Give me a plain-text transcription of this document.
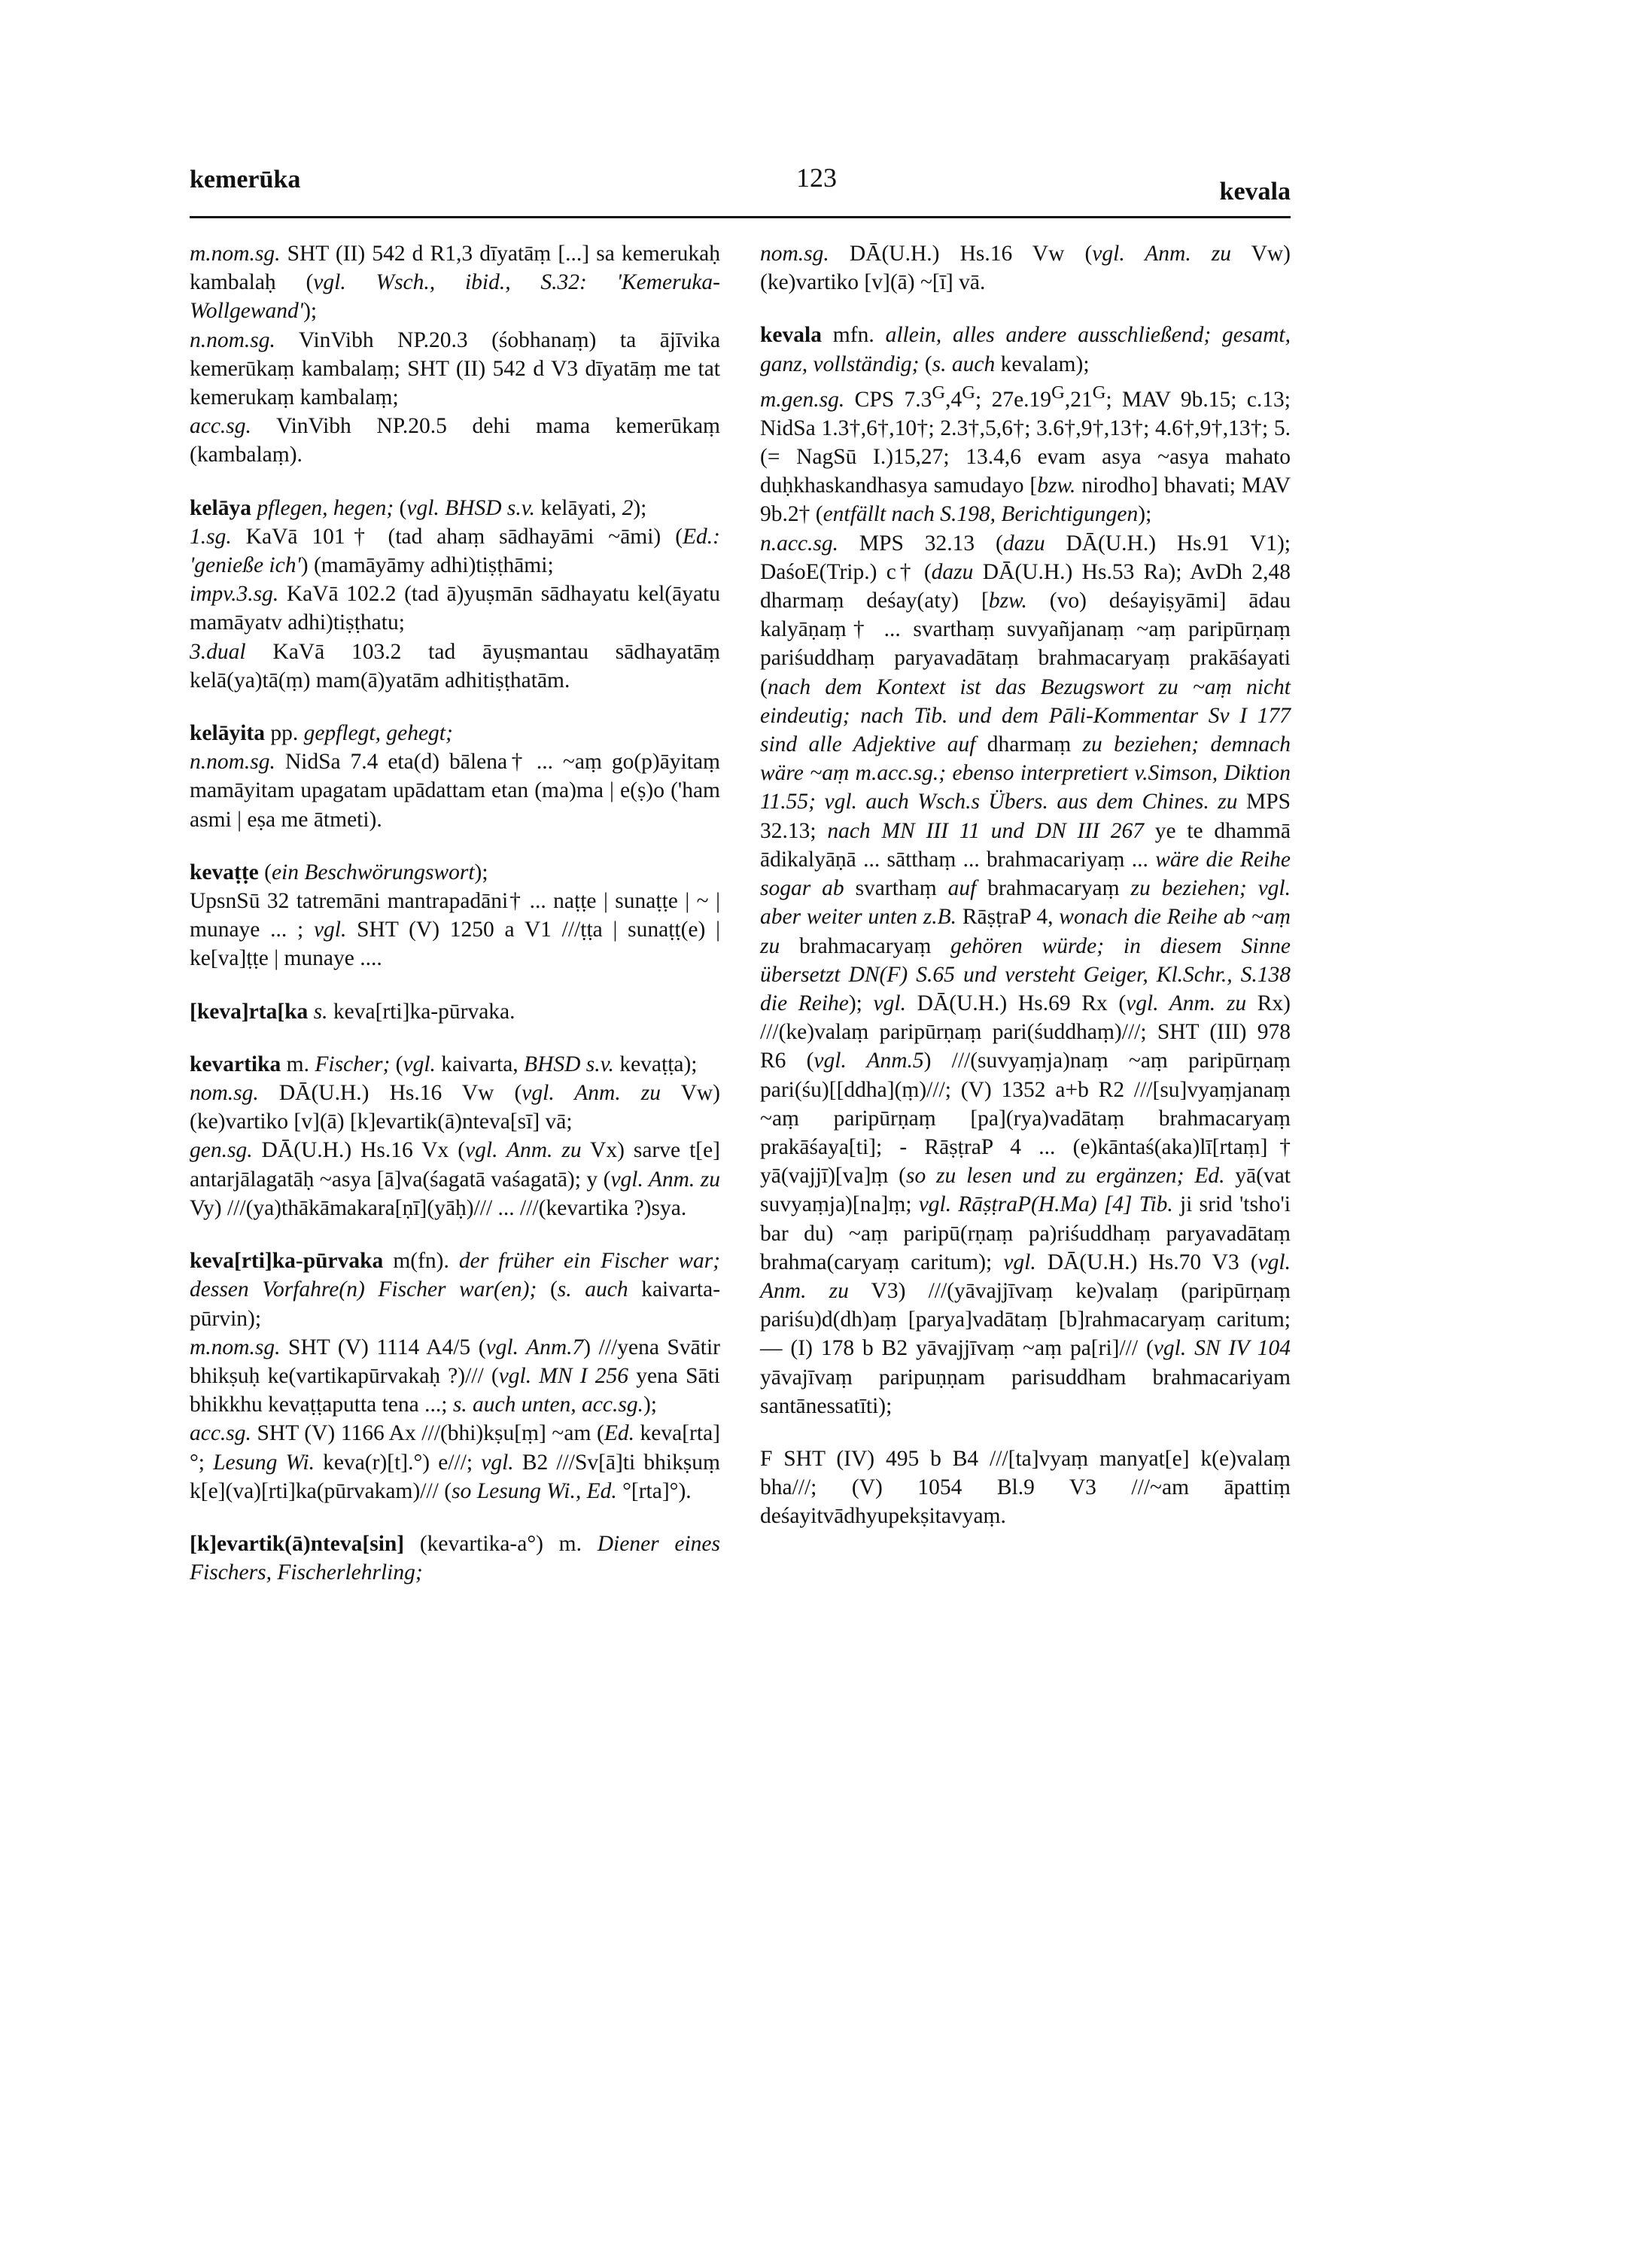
kemerūka	123	kevala

m.nom.sg. SHT (II) 542 d R1,3 dīyatāṃ [...] sa kemerukaḥ kambalaḥ (vgl. Wsch., ibid., S.32: 'Kemeruka-Wollgewand');

n.nom.sg. VinVibh NP.20.3 (śobhanaṃ) ta ājīvika kemerūkaṃ kambalaṃ; SHT (II) 542 d V3 dīyatāṃ me tat kemerukaṃ kambalaṃ;

acc.sg. VinVibh NP.20.5 dehi mama kemerūkaṃ (kambalaṃ).

kelāya pflegen, hegen; (vgl. BHSD s.v. kelāyati, 2);

1.sg. KaVā 101† (tad ahaṃ sādhayāmi ~āmi) (Ed.: 'genieße ich') (mamāyāmy adhi)tiṣṭhāmi;

impv.3.sg. KaVā 102.2 (tad ā)yuṣmān sādhayatu kel(āyatu mamāyatv adhi)tiṣṭhatu;

3.dual KaVā 103.2 tad āyuṣmantau sādhayatāṃ kelā(ya)tā(ṃ) mam(ā)yatām adhitiṣṭhatām.

kelāyita pp. gepflegt, gehegt;

n.nom.sg. NidSa 7.4 eta(d) bālena† ... ~aṃ go(p)āyitaṃ mamāyitam upagatam upādattam etan (ma)ma | e(ṣ)o ('ham asmi | eṣa me ātmeti).

kevaṭṭe (ein Beschwörungswort);

UpsnSū 32 tatremāni mantrapadāni† ... naṭṭe | sunaṭṭe | ~ | munaye ... ; vgl. SHT (V) 1250 a V1 ///ṭṭa | sunaṭṭ(e) | ke[va]ṭṭe | munaye ....

[keva]rta[ka s. keva[rti]ka-pūrvaka.

kevartika m. Fischer; (vgl. kaivarta, BHSD s.v. kevaṭṭa);

nom.sg. DĀ(U.H.) Hs.16 Vw (vgl. Anm. zu Vw) (ke)vartiko [v](ā) [k]evartik(ā)nteva[sī] vā;

gen.sg. DĀ(U.H.) Hs.16 Vx (vgl. Anm. zu Vx) sarve t[e] antarjālagatāḥ ~asya [ā]va(śagatā vaśagatā); y (vgl. Anm. zu Vy) ///(ya)thākāmakara[ṇī](yāḥ)/// ... ///(kevartika ?)sya.

keva[rti]ka-pūrvaka m(fn). der früher ein Fischer war; dessen Vorfahre(n) Fischer war(en); (s. auch kaivarta-pūrvin);

m.nom.sg. SHT (V) 1114 A4/5 (vgl. Anm.7) ///yena Svātir bhikṣuḥ ke(vartikapūrvakaḥ ?)/// (vgl. MN I 256 yena Sāti bhikkhu kevaṭṭaputta tena ...; s. auch unten, acc.sg.);

acc.sg. SHT (V) 1166 Ax ///(bhi)kṣu[ṃ] ~am (Ed. keva[rta]°; Lesung Wi. keva(r)[t].°) e///; vgl. B2 ///Sv[ā]ti bhikṣuṃ k[e](va)[rti]ka(pūrvakam)/// (so Lesung Wi., Ed. °[rta]°).

[k]evartik(ā)nteva[sin] (kevartika-a°) m. Diener eines Fischers, Fischerlehrling;

nom.sg. DĀ(U.H.) Hs.16 Vw (vgl. Anm. zu Vw) (ke)vartiko [v](ā) ~[ī] vā.

kevala mfn. allein, alles andere ausschließend; gesamt, ganz, vollständig; (s. auch kevalam);

m.gen.sg. CPS $7.3^G,4^G$; $27e.19^G,21^G$; MAV 9b.15; c.13; NidSa 1.3†,6†,10†; 2.3†,5,6†; 3.6†,9†,13†; 4.6†,9†,13†; 5.(= NagSū I.)15,27; 13.4,6 evam asya ~asya mahato duḥkhaskandhasya samudayo [bzw. nirodho] bhavati; MAV 9b.2† (entfällt nach S.198, Berichtigungen);

n.acc.sg. MPS 32.13 (dazu DĀ(U.H.) Hs.91 V1); DaśoE(Trip.) c† (dazu DĀ(U.H.) Hs.53 Ra); AvDh 2,48 dharmaṃ deśay(aty) [bzw. (vo) deśayiṣyāmi] ādau kalyāṇaṃ† ... svarthaṃ suvyañjanaṃ ~aṃ paripūrṇaṃ pariśuddhaṃ paryavadātaṃ brahmacaryaṃ prakāśayati (nach dem Kontext ist das Bezugswort zu ~aṃ nicht eindeutig; nach Tib. und dem Pāli-Kommentar Sv I 177 sind alle Adjektive auf dharmaṃ zu beziehen; demnach wäre ~aṃ m.acc.sg.; ebenso interpretiert v.Simson, Diktion 11.55; vgl. auch Wsch.s Übers. aus dem Chines. zu MPS 32.13; nach MN III 11 und DN III 267 ye te dhammā ādikalyāṇā ... sātthaṃ ... brahmacariyaṃ ... wäre die Reihe sogar ab svarthaṃ auf brahmacaryaṃ zu beziehen; vgl. aber weiter unten z.B. RāṣṭraP 4, wonach die Reihe ab ~aṃ zu brahmacaryaṃ gehören würde; in diesem Sinne übersetzt DN(F) S.65 und versteht Geiger, Kl.Schr., S.138 die Reihe); vgl. DĀ(U.H.) Hs.69 Rx (vgl. Anm. zu Rx) ///(ke)valaṃ paripūrṇaṃ pari(śuddhaṃ)///; SHT (III) 978 R6 (vgl. Anm.5) ///(suvyaṃja)naṃ ~aṃ paripūrṇaṃ pari(śu)[[ddha](ṃ)///; (V) 1352 a+b R2 ///[su]vyaṃjanaṃ ~aṃ paripūrṇaṃ [pa](rya)vadātaṃ brahmacaryaṃ prakāśaya[ti]; - RāṣṭraP 4 ... (e)kāntaś(aka)lī[rtaṃ]† yā(vajjī)[va]ṃ (so zu lesen und zu ergänzen; Ed. yā(vat suvyaṃja)[na]ṃ; vgl. RāṣṭraP(H.Ma) [4] Tib. ji srid 'tsho'i bar du) ~aṃ paripū(rṇaṃ pa)riśuddhaṃ paryavadātaṃ brahma(caryaṃ caritum); vgl. DĀ(U.H.) Hs.70 V3 (vgl. Anm. zu V3) ///(yāvajjīvaṃ ke)valaṃ (paripūrṇaṃ pariśu)d(dh)aṃ [parya]vadātaṃ [b]rahmacaryaṃ caritum; — (I) 178 b B2 yāvajjīvaṃ ~aṃ pa[ri]/// (vgl. SN IV 104 yāvajīvaṃ paripuṇṇam parisuddham brahmacariyam santānessatīti);

F SHT (IV) 495 b B4 ///[ta]vyaṃ manyat[e] k(e)valaṃ bha///; (V) 1054 Bl.9 V3 ///~am āpattiṃ deśayitvādhyupekṣitavyaṃ.
